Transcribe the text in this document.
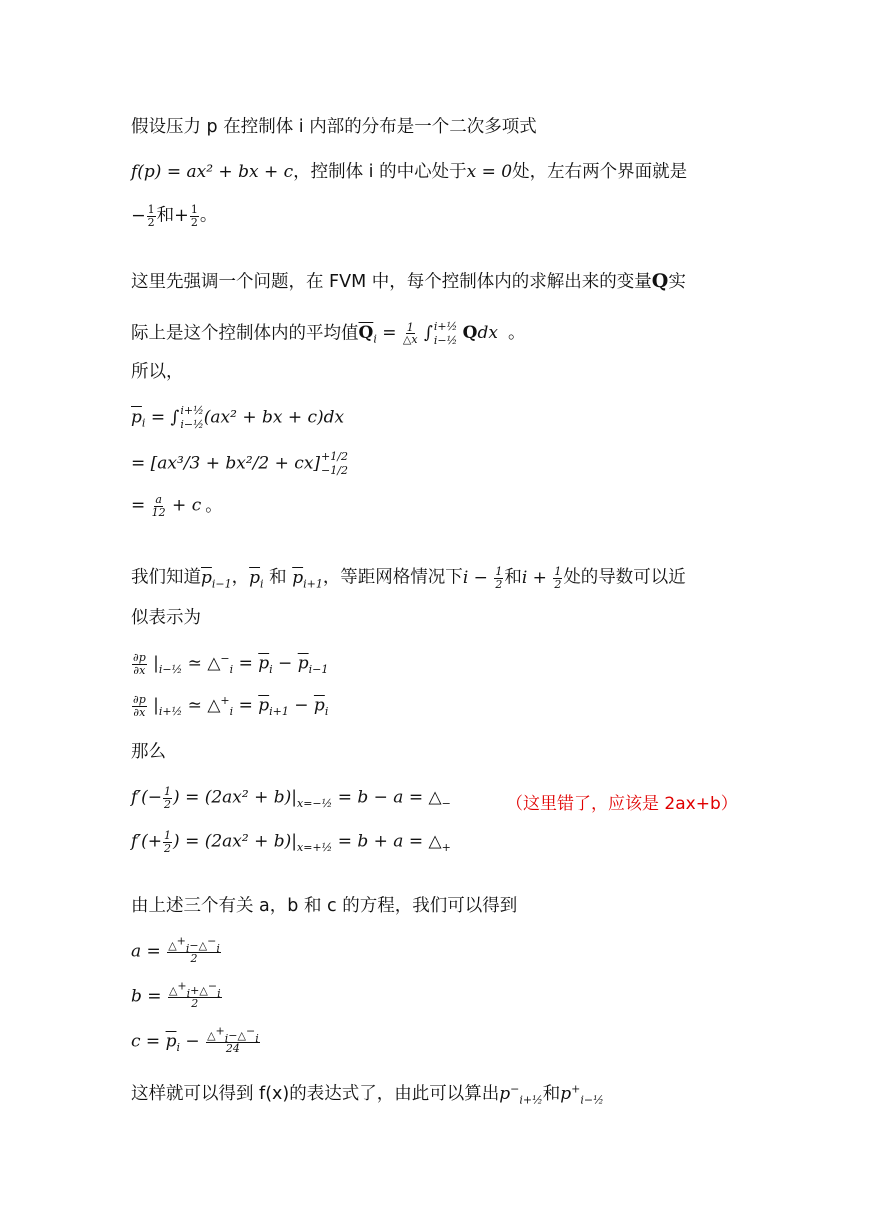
假设压力 p 在控制体 i 内部的分布是一个二次多项式
f(p) = ax² + bx + c，控制体 i 的中心处于x = 0处，左右两个界面就是
− $\frac{1}{2}$ 和+ $\frac{1}{2}$ 。
这里先强调一个问题，在 FVM 中，每个控制体内的求解出来的变量Q实
际上是这个控制体内的平均值$\overline{Q}_i = \frac{1}{\triangle x}$ ∫ i+½
i−½ Qdx 。
所以，
$\overline{p}_i$ = ∫ i+½
i−½ (ax² + bx + c)dx
= [ax³/3 + bx²/2 + cx] +1/2
−1/2
= $\frac{a}{12} + c$ 。
我们知道$\overline{p}_{i-1}$，$\overline{p}_i$ 和 $\overline{p}_{i+1}$，等距网格情况下$i - \frac{1}{2}$ 和$i + \frac{1}{2}$ 处的导数可以近
似表示为
$\frac{\partial p}{\partial x} |_{i-\frac{1}{2}}$ ≃ $\triangle^-_i = \overline{p}_i - \overline{p}_{i-1}$
$\frac{\partial p}{\partial x} |_{i+\frac{1}{2}}$ ≃ $\triangle^+_i = \overline{p}_{i+1} - \overline{p}_i$
那么
$f'(- \frac{1}{2}$ ) = $(2ax^2 + b)|_{x=-\frac{1}{2}} = b - a$ = $\triangle_-$	（这里错了，应该是 2ax+b）
$f'(+ \frac{1}{2}$ ) = $(2ax^2 + b)|_{x=+\frac{1}{2}} = b + a$ = $\triangle_+$
由上述三个有关 a，b 和 c 的方程，我们可以得到
$a = \frac{\triangle^+_i-\triangle^-_i}{2}$
$b = \frac{\triangle^+_i+\triangle^-_i}{2}$
$c = \overline{p}_i - \frac{\triangle^+_i-\triangle^-_i}{24}$
这样就可以得到 f(x)的表达式了，由此可以算出$p^-_{i+\frac{1}{2}}$和$p^+_{i-\frac{1}{2}}$
